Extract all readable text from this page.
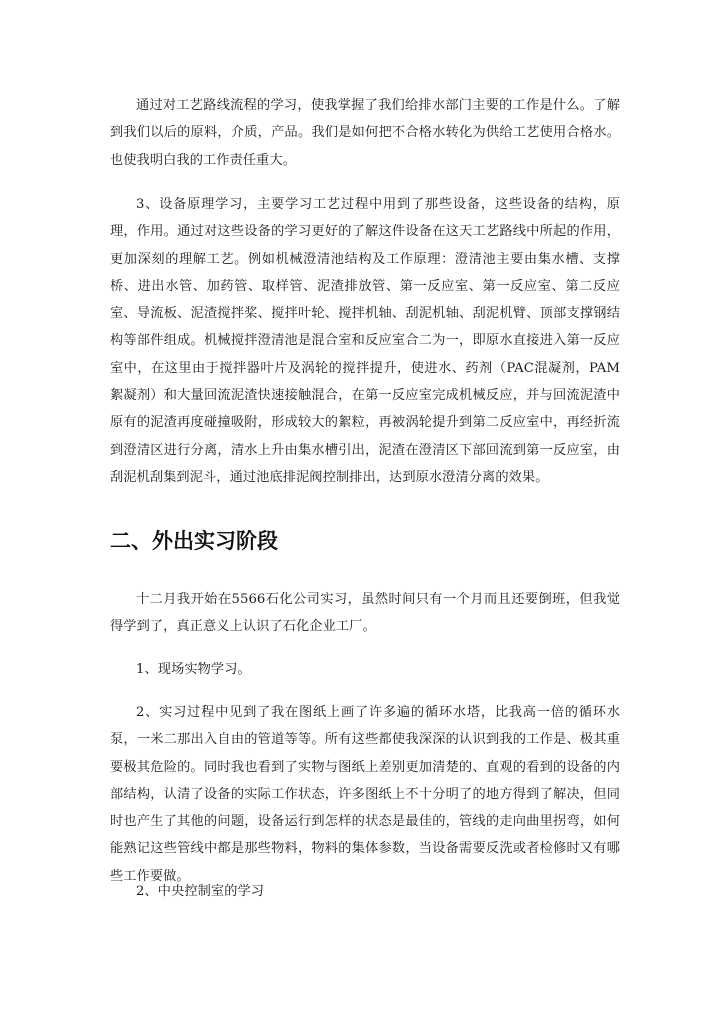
通过对工艺路线流程的学习，使我掌握了我们给排水部门主要的工作是什么。了解到我们以后的原料，介质，产品。我们是如何把不合格水转化为供给工艺使用合格水。也使我明白我的工作责任重大。

3、设备原理学习，主要学习工艺过程中用到了那些设备，这些设备的结构，原理，作用。通过对这些设备的学习更好的了解这件设备在这天工艺路线中所起的作用，更加深刻的理解工艺。例如机械澄清池结构及工作原理：澄清池主要由集水槽、支撑桥、进出水管、加药管、取样管、泥渣排放管、第一反应室、第一反应室、第二反应室、导流板、泥渣搅拌桨、搅拌叶轮、搅拌机轴、刮泥机轴、刮泥机臂、顶部支撑钢结构等部件组成。机械搅拌澄清池是混合室和反应室合二为一，即原水直接进入第一反应室中，在这里由于搅拌器叶片及涡轮的搅拌提升，使进水、药剂（PAC混凝剂，PAM絮凝剂）和大量回流泥渣快速接触混合，在第一反应室完成机械反应，并与回流泥渣中原有的泥渣再度碰撞吸附，形成较大的絮粒，再被涡轮提升到第二反应室中，再经折流到澄清区进行分离，清水上升由集水槽引出，泥渣在澄清区下部回流到第一反应室，由刮泥机刮集到泥斗，通过池底排泥阀控制排出，达到原水澄清分离的效果。

二、外出实习阶段

十二月我开始在5566石化公司实习，虽然时间只有一个月而且还要倒班，但我觉得学到了，真正意义上认识了石化企业工厂。

1、现场实物学习。

2、实习过程中见到了我在图纸上画了许多遍的循环水塔，比我高一倍的循环水泵，一米二那出入自由的管道等等。所有这些都使我深深的认识到我的工作是、极其重要极其危险的。同时我也看到了实物与图纸上差别更加清楚的、直观的看到的设备的内部结构，认清了设备的实际工作状态，许多图纸上不十分明了的地方得到了解决，但同时也产生了其他的问题，设备运行到怎样的状态是最佳的，管线的走向曲里拐弯，如何能熟记这些管线中都是那些物料，物料的集体参数，当设备需要反洗或者检修时又有哪些工作要做。

2、中央控制室的学习
